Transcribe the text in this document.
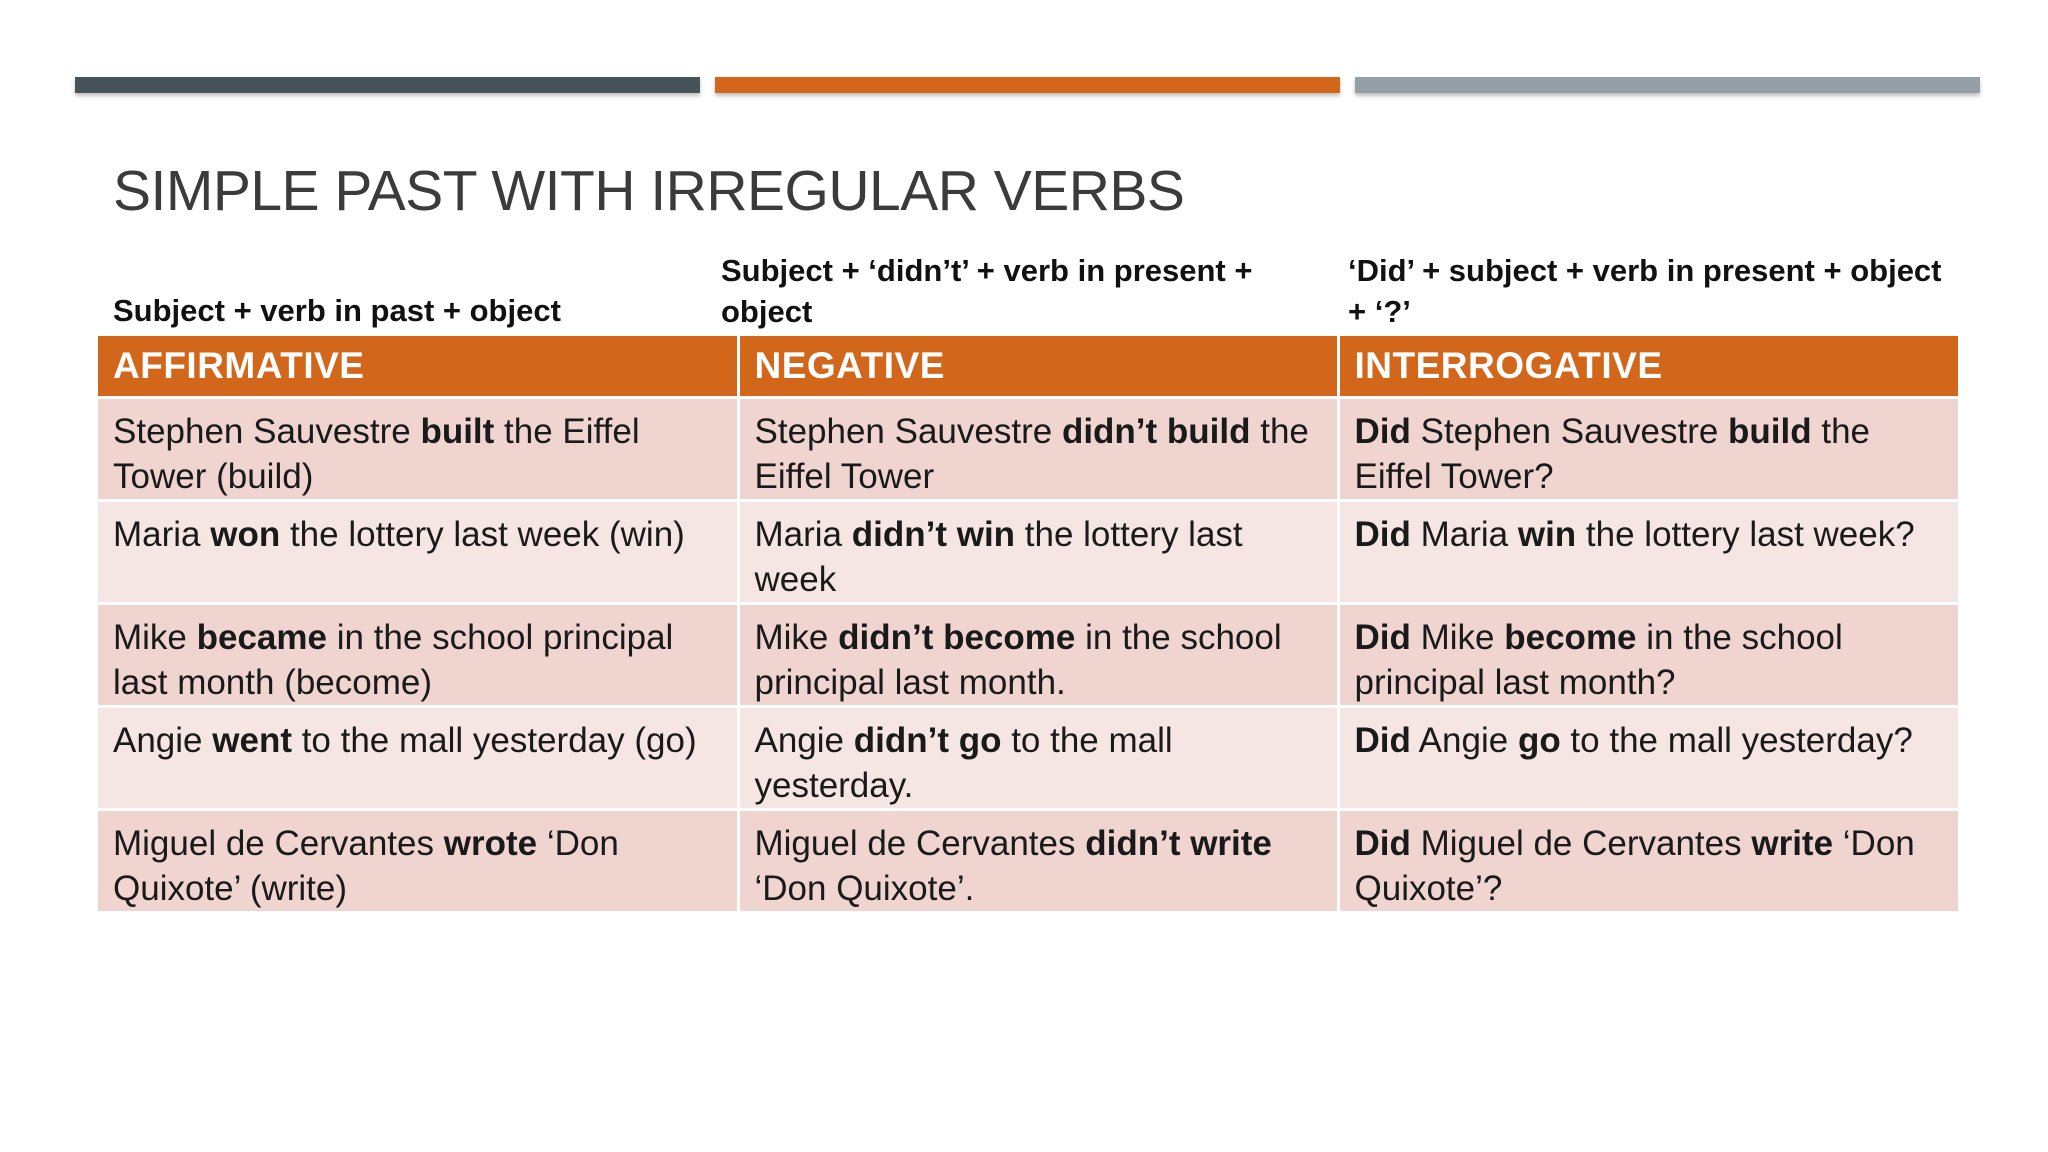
SIMPLE PAST WITH IRREGULAR VERBS
Subject + verb in past + object
Subject + ‘didn’t’ + verb in present + object
‘Did’ + subject + verb in present + object + ‘?’
AFFIRMATIVE	NEGATIVE	INTERROGATIVE
Stephen Sauvestre built the Eiffel Tower (build)	Stephen Sauvestre didn’t build the Eiffel Tower	Did Stephen Sauvestre build the Eiffel Tower?
Maria won the lottery last week (win)	Maria didn’t win the lottery last week	Did Maria win the lottery last week?
Mike became in the school principal last month (become)	Mike didn’t become in the school principal last month.	Did Mike become in the school principal last month?
Angie went to the mall yesterday (go)	Angie didn’t go to the mall yesterday.	Did Angie go to the mall yesterday?
Miguel de Cervantes wrote ‘Don Quixote’ (write)	Miguel de Cervantes didn’t write ‘Don Quixote’.	Did Miguel de Cervantes write ‘Don Quixote’?
